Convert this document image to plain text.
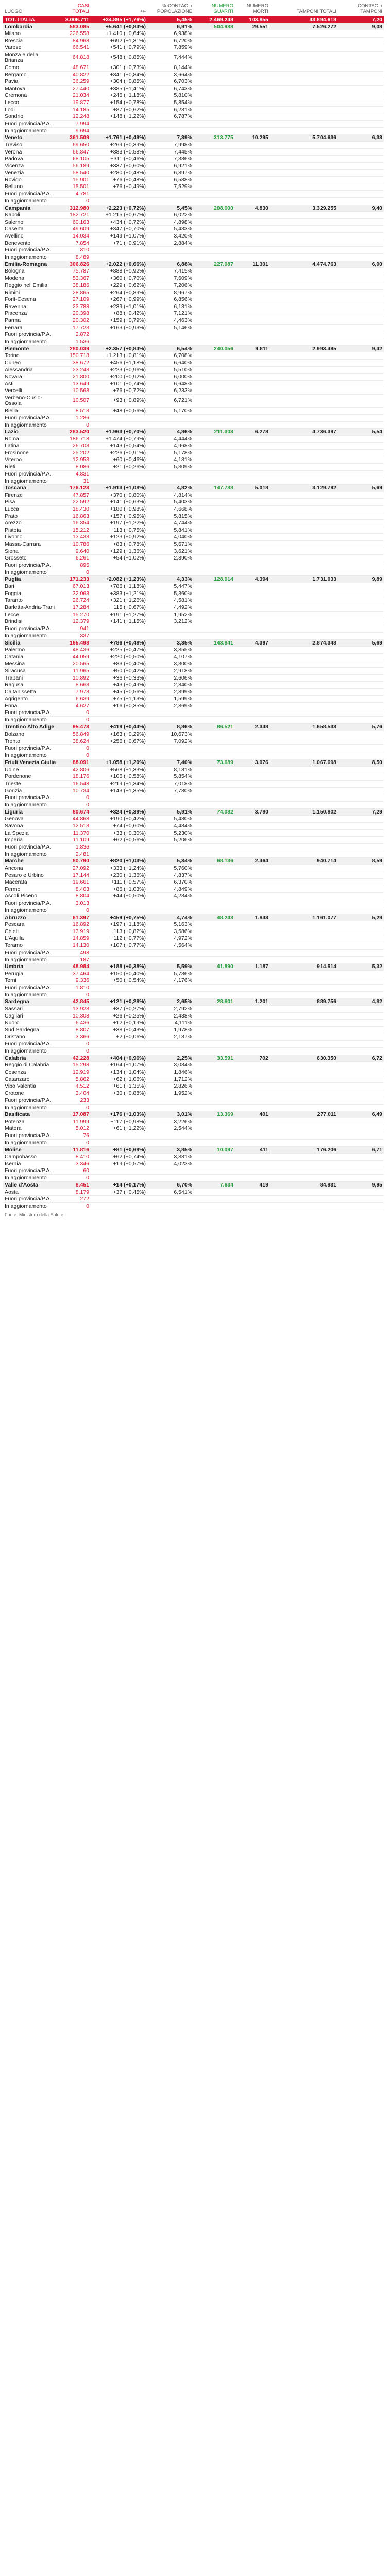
LUOGO	CASI TOTALI	+/-	% CONTAGI / POPOLAZIONE	NUMERO GUARITI	NUMERO MORTI	TAMPONI TOTALI	CONTAGI / TAMPONI
TOT. ITALIA	3.006.711	+34.895 (+1,76%)	5,45%	2.469.248	103.855	43.894.618	7,20
Lombardia	583.085	+5.641 (+0,84%)	6,91%	504.988	29.551	7.526.272	9,08
Milano	226.558	+1.410 (+0,64%)	6,938%				
Brescia	84.968	+692 (+1,31%)	6,720%				
Varese	66.541	+541 (+0,79%)	7,859%				
Monza e della Brianza	64.818	+548 (+0,85%)	7,444%				
Como	48.671	+301 (+0,73%)	8,144%				
Bergamo	40.822	+341 (+0,84%)	3,664%				
Pavia	36.259	+304 (+0,85%)	6,703%				
Mantova	27.440	+385 (+1,41%)	6,743%				
Cremona	21.034	+246 (+1,18%)	5,810%				
Lecco	19.877	+154 (+0,78%)	5,854%				
Lodi	14.185	+87 (+0,62%)	6,231%				
Sondrio	12.248	+148 (+1,22%)	6,787%				
Fuori provincia/P.A.	7.994						
In aggiornamento	9.694						
Veneto	361.509	+1.761 (+0,49%)	7,39%	313.775	10.295	5.704.636	6,33
Treviso	69.650	+269 (+0,39%)	7,998%				
Verona	66.847	+383 (+0,58%)	7,445%				
Padova	68.105	+311 (+0,46%)	7,336%				
Vicenza	56.189	+337 (+0,60%)	6,921%				
Venezia	58.540	+280 (+0,48%)	6,897%				
Rovigo	15.901	+76 (+0,48%)	6,588%				
Belluno	15.501	+76 (+0,49%)	7,529%				
Fuori provincia/P.A.	4.781						
In aggiornamento	0						
Campania	312.980	+2.223 (+0,72%)	5,45%	208.600	4.830	3.329.255	9,40
Napoli	182.721	+1.215 (+0,67%)	6,022%				
Salerno	60.163	+434 (+0,72%)	4,898%				
Caserta	49.609	+347 (+0,70%)	5,433%				
Avellino	14.034	+149 (+1,07%)	3,420%				
Benevento	7.854	+71 (+0,91%)	2,884%				
Fuori provincia/P.A.	310						
In aggiornamento	8.489						
Emilia-Romagna	306.826	+2.022 (+0,66%)	6,88%	227.087	11.301	4.474.763	6,90
Bologna	75.787	+888 (+0,92%)	7,415%				
Modena	53.367	+360 (+0,70%)	7,609%				
Reggio nell'Emilia	38.186	+229 (+0,62%)	7,206%				
Rimini	28.865	+264 (+0,89%)	8,967%				
Forlì-Cesena	27.109	+267 (+0,99%)	6,856%				
Ravenna	23.788	+239 (+1,01%)	6,131%				
Piacenza	20.398	+88 (+0,42%)	7,121%				
Parma	20.302	+159 (+0,79%)	4,463%				
Ferrara	17.723	+163 (+0,93%)	5,146%				
Fuori provincia/P.A.	2.872						
In aggiornamento	1.536						
Piemonte	280.039	+2.357 (+0,84%)	6,54%	240.056	9.811	2.993.495	9,42
Torino	150.718	+1.213 (+0,81%)	6,708%				
Cuneo	38.672	+456 (+1,18%)	6,640%				
Alessandria	23.243	+223 (+0,96%)	5,510%				
Novara	21.800	+200 (+0,92%)	6,000%				
Asti	13.649	+101 (+0,74%)	6,648%				
Vercelli	10.568	+76 (+0,72%)	6,233%				
Verbano-Cusio-Ossola	10.507	+93 (+0,89%)	6,721%				
Biella	8.513	+48 (+0,56%)	5,170%				
Fuori provincia/P.A.	1.286						
In aggiornamento	0						
Lazio	283.520	+1.963 (+0,70%)	4,86%	211.303	6.278	4.736.397	5,54
Roma	186.718	+1.474 (+0,79%)	4,444%				
Latina	26.703	+143 (+0,54%)	4,968%				
Frosinone	25.202	+226 (+0,91%)	5,178%				
Viterbo	12.953	+60 (+0,46%)	4,181%				
Rieti	8.086	+21 (+0,26%)	5,309%				
Fuori provincia/P.A.	4.831						
In aggiornamento	31						
Toscana	176.123	+1.913 (+1,08%)	4,82%	147.788	5.018	3.129.792	5,69
Firenze	47.857	+370 (+0,80%)	4,814%				
Pisa	22.592	+141 (+0,63%)	5,403%				
Lucca	18.430	+180 (+0,98%)	4,668%				
Prato	16.863	+157 (+0,95%)	5,815%				
Arezzo	16.354	+197 (+1,22%)	4,744%				
Pistoia	15.212	+113 (+0,75%)	5,841%				
Livorno	13.433	+123 (+0,92%)	4,040%				
Massa-Carrara	10.786	+83 (+0,78%)	5,671%				
Siena	9.640	+129 (+1,36%)	3,621%				
Grosseto	6.261	+54 (+1,02%)	2,890%				
Fuori provincia/P.A.	895						
In aggiornamento	0						
Puglia	171.233	+2.082 (+1,23%)	4,33%	128.914	4.394	1.731.033	9,89
Bari	67.013	+786 (+1,18%)	5,447%				
Foggia	32.063	+383 (+1,21%)	5,360%				
Taranto	26.724	+321 (+1,26%)	4,581%				
Barletta-Andria-Trani	17.284	+115 (+0,67%)	4,492%				
Lecce	15.270	+191 (+1,27%)	1,952%				
Brindisi	12.379	+141 (+1,15%)	3,212%				
Fuori provincia/P.A.	941						
In aggiornamento	337						
Sicilia	165.498	+786 (+0,48%)	3,35%	143.841	4.397	2.874.348	5,69
Palermo	48.436	+225 (+0,47%)	3,855%				
Catania	44.059	+220 (+0,50%)	4,107%				
Messina	20.565	+83 (+0,40%)	3,300%				
Siracusa	11.965	+50 (+0,42%)	2,918%				
Trapani	10.892	+36 (+0,33%)	2,606%				
Ragusa	8.663	+43 (+0,49%)	2,840%				
Caltanissetta	7.973	+45 (+0,56%)	2,899%				
Agrigento	6.639	+75 (+1,13%)	1,599%				
Enna	4.627	+16 (+0,35%)	2,869%				
Fuori provincia/P.A.	0						
In aggiornamento	0						
Trentino Alto Adige	95.473	+419 (+0,44%)	8,86%	86.521	2.348	1.658.533	5,76
Bolzano	56.849	+163 (+0,29%)	10,673%				
Trento	38.624	+256 (+0,67%)	7,092%				
Fuori provincia/P.A.	0						
In aggiornamento	0						
Friuli Venezia Giulia	88.091	+1.058 (+1,20%)	7,40%	73.689	3.076	1.067.698	8,50
Udine	42.806	+568 (+1,33%)	8,131%				
Pordenone	18.176	+106 (+0,58%)	5,854%				
Trieste	16.548	+219 (+1,34%)	7,018%				
Gorizia	10.734	+143 (+1,35%)	7,780%				
Fuori provincia/P.A.	0						
In aggiornamento	0						
Liguria	80.674	+324 (+0,39%)	5,91%	74.082	3.780	1.150.802	7,29
Genova	44.868	+190 (+0,42%)	5,430%				
Savona	12.513	+74 (+0,60%)	4,434%				
La Spezia	11.370	+33 (+0,30%)	5,230%				
Imperia	11.109	+62 (+0,56%)	5,206%				
Fuori provincia/P.A.	1.836						
In aggiornamento	2.481						
Marche	80.790	+820 (+1,03%)	5,34%	68.136	2.464	940.714	8,59
Ancona	27.092	+333 (+1,24%)	5,760%				
Pesaro e Urbino	17.144	+230 (+1,36%)	4,837%				
Macerata	19.661	+111 (+0,57%)	6,370%				
Fermo	8.403	+86 (+1,03%)	4,849%				
Ascoli Piceno	8.804	+44 (+0,50%)	4,234%				
Fuori provincia/P.A.	3.013						
In aggiornamento	0						
Abruzzo	61.397	+459 (+0,75%)	4,74%	48.243	1.843	1.161.077	5,29
Pescara	16.892	+197 (+1,18%)	5,163%				
Chieti	13.919	+113 (+0,82%)	3,586%				
L'Aquila	14.859	+112 (+0,77%)	4,972%				
Teramo	14.130	+107 (+0,77%)	4,564%				
Fuori provincia/P.A.	498						
In aggiornamento	187						
Umbria	48.984	+188 (+0,38%)	5,59%	41.890	1.187	914.514	5,32
Perugia	37.464	+150 (+0,40%)	5,786%				
Terni	9.336	+50 (+0,54%)	4,176%				
Fuori provincia/P.A.	1.810						
In aggiornamento	0						
Sardegna	42.845	+121 (+0,28%)	2,65%	28.601	1.201	889.756	4,82
Sassari	13.928	+37 (+0,27%)	2,792%				
Cagliari	10.308	+26 (+0,25%)	2,438%				
Nuoro	6.436	+12 (+0,19%)	4,111%				
Sud Sardegna	8.807	+38 (+0,43%)	1,978%				
Oristano	3.366	+2 (+0,06%)	2,137%				
Fuori provincia/P.A.	0						
In aggiornamento	0						
Calabria	42.228	+404 (+0,96%)	2,25%	33.591	702	630.350	6,72
Reggio di Calabria	15.298	+164 (+1,07%)	3,034%				
Cosenza	12.919	+134 (+1,04%)	1,846%				
Catanzaro	5.862	+62 (+1,06%)	1,712%				
Vibo Valentia	4.512	+61 (+1,35%)	2,826%				
Crotone	3.404	+30 (+0,88%)	1,952%				
Fuori provincia/P.A.	233						
In aggiornamento	0						
Basilicata	17.087	+176 (+1,03%)	3,01%	13.369	401	277.011	6,49
Potenza	11.999	+117 (+0,98%)	3,226%				
Matera	5.012	+61 (+1,22%)	2,544%				
Fuori provincia/P.A.	76						
In aggiornamento	0						
Molise	11.816	+81 (+0,69%)	3,85%	10.097	411	176.206	6,71
Campobasso	8.410	+62 (+0,74%)	3,881%				
Isernia	3.346	+19 (+0,57%)	4,023%				
Fuori provincia/P.A.	60						
In aggiornamento	0						
Valle d'Aosta	8.451	+14 (+0,17%)	6,70%	7.634	419	84.931	9,95
Aosta	8.179	+37 (+0,45%)	6,541%				
Fuori provincia/P.A.	272						
In aggiornamento	0						
Fonte: Ministero della Salute
